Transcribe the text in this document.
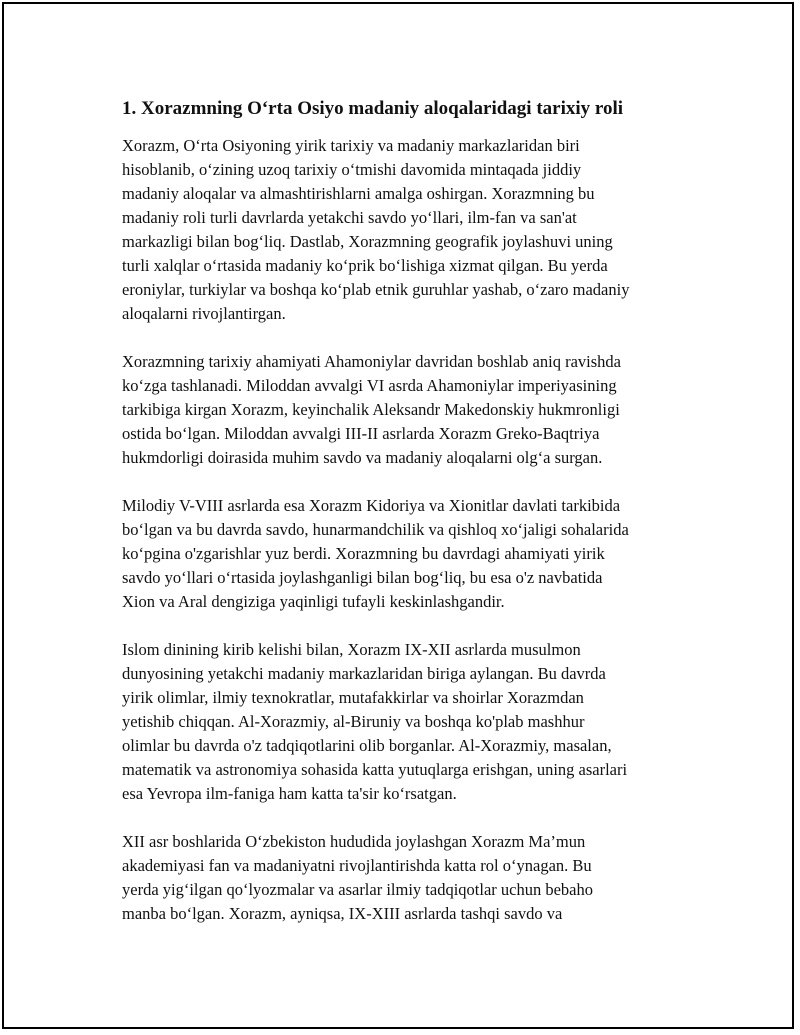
1. Xorazmning O‘rta Osiyo madaniy aloqalaridagi tarixiy roli

Xorazm, O‘rta Osiyoning yirik tarixiy va madaniy markazlaridan biri
hisoblanib, o‘zining uzoq tarixiy o‘tmishi davomida mintaqada jiddiy
madaniy aloqalar va almashtirishlarni amalga oshirgan. Xorazmning bu
madaniy roli turli davrlarda yetakchi savdo yo‘llari, ilm-fan va san'at
markazligi bilan bog‘liq. Dastlab, Xorazmning geografik joylashuvi uning
turli xalqlar o‘rtasida madaniy ko‘prik bo‘lishiga xizmat qilgan. Bu yerda
eroniylar, turkiylar va boshqa ko‘plab etnik guruhlar yashab, o‘zaro madaniy
aloqalarni rivojlantirgan.

Xorazmning tarixiy ahamiyati Ahamoniylar davridan boshlab aniq ravishda
ko‘zga tashlanadi. Miloddan avvalgi VI asrda Ahamoniylar imperiyasining
tarkibiga kirgan Xorazm, keyinchalik Aleksandr Makedonskiy hukmronligi
ostida bo‘lgan. Miloddan avvalgi III-II asrlarda Xorazm Greko-Baqtriya
hukmdorligi doirasida muhim savdo va madaniy aloqalarni olg‘a surgan.

Milodiy V-VIII asrlarda esa Xorazm Kidoriya va Xionitlar davlati tarkibida
bo‘lgan va bu davrda savdo, hunarmandchilik va qishloq xo‘jaligi sohalarida
ko‘pgina o'zgarishlar yuz berdi. Xorazmning bu davrdagi ahamiyati yirik
savdo yo‘llari o‘rtasida joylashganligi bilan bog‘liq, bu esa o'z navbatida
Xion va Aral dengiziga yaqinligi tufayli keskinlashgandir.

Islom dinining kirib kelishi bilan, Xorazm IX-XII asrlarda musulmon
dunyosining yetakchi madaniy markazlaridan biriga aylangan. Bu davrda
yirik olimlar, ilmiy texnokratlar, mutafakkirlar va shoirlar Xorazmdan
yetishib chiqqan. Al-Xorazmiy, al-Biruniy va boshqa ko'plab mashhur
olimlar bu davrda o'z tadqiqotlarini olib borganlar. Al-Xorazmiy, masalan,
matematik va astronomiya sohasida katta yutuqlarga erishgan, uning asarlari
esa Yevropa ilm-faniga ham katta ta'sir ko‘rsatgan.

XII asr boshlarida O‘zbekiston hududida joylashgan Xorazm Ma’mun
akademiyasi fan va madaniyatni rivojlantirishda katta rol o‘ynagan. Bu
yerda yig‘ilgan qo‘lyozmalar va asarlar ilmiy tadqiqotlar uchun bebaho
manba bo‘lgan. Xorazm, ayniqsa, IX-XIII asrlarda tashqi savdo va
